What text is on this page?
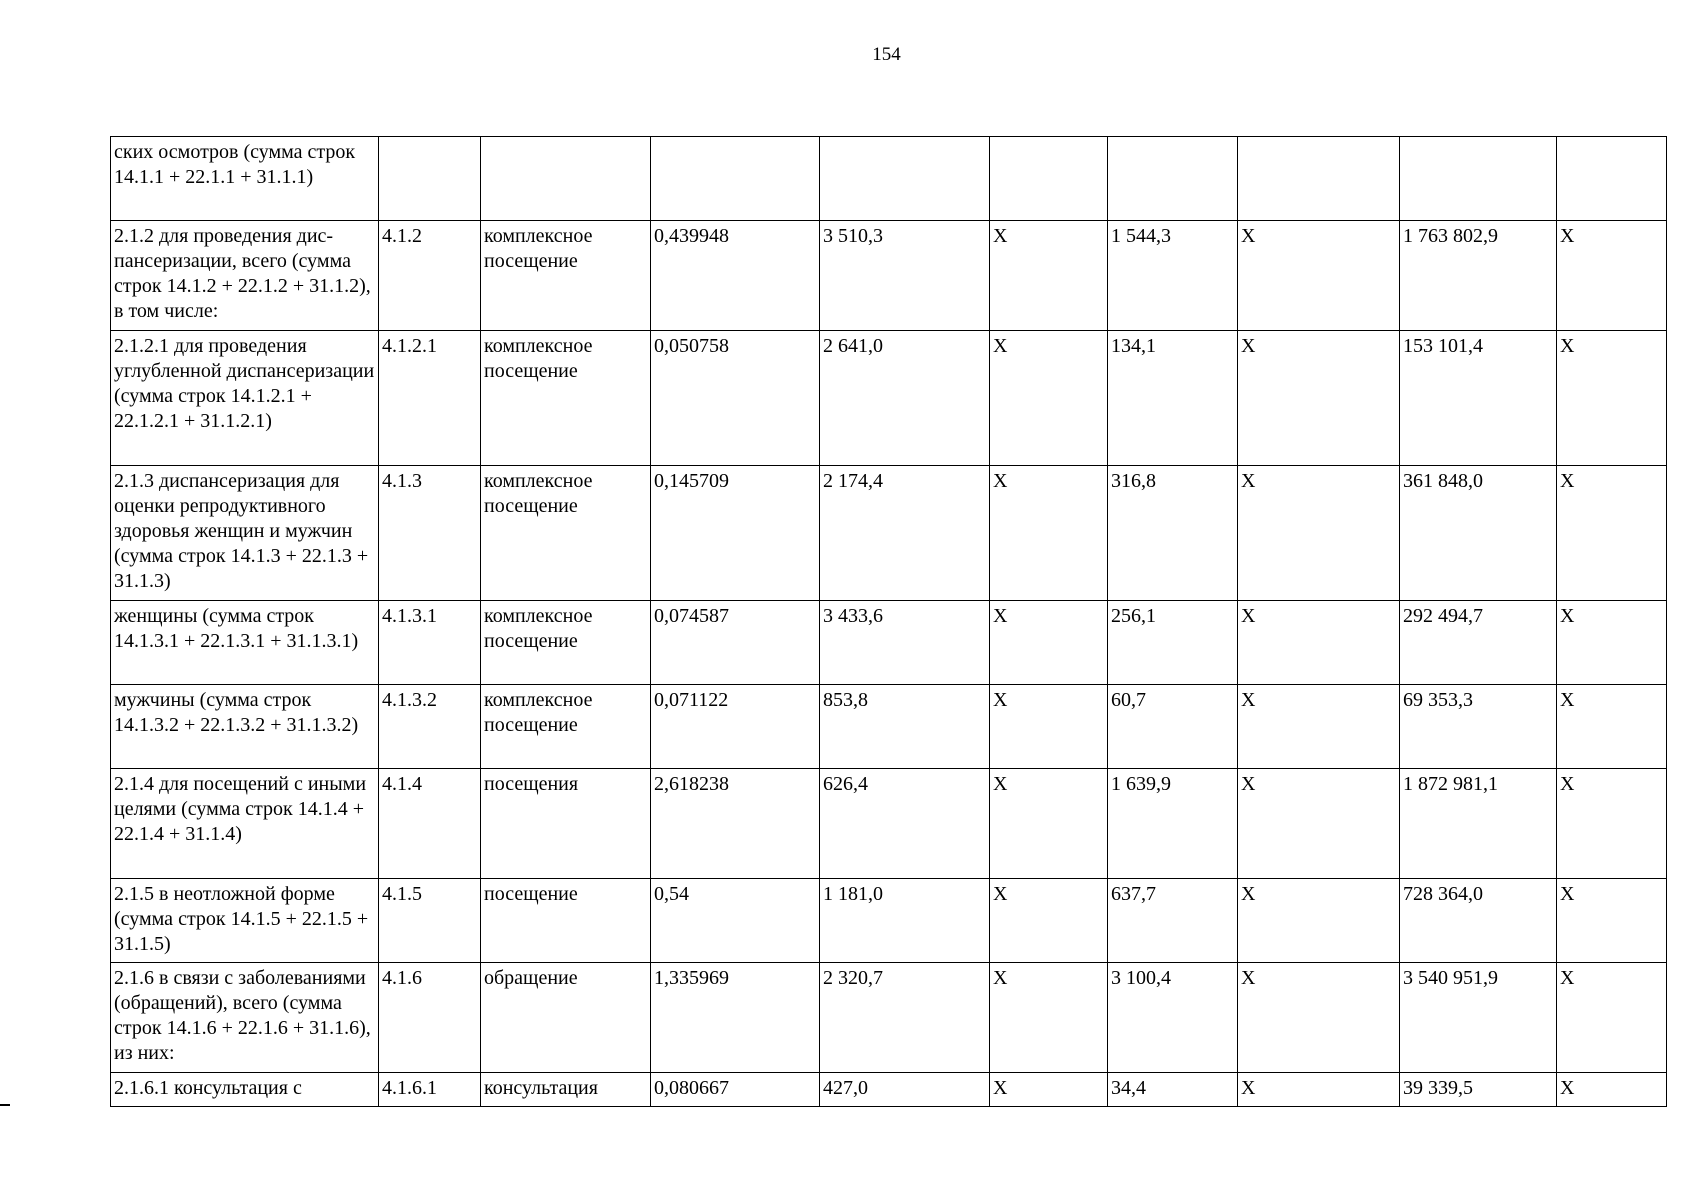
154
ских осмотров (сумма строк 14.1.1 + 22.1.1 + 31.1.1)									
2.1.2 для проведения диспансеризации, всего (сумма строк 14.1.2 + 22.1.2 + 31.1.2), в том числе:	4.1.2	комплексное посещение	0,439948	3 510,3	Х	1 544,3	Х	1 763 802,9	Х
2.1.2.1 для проведения углубленной диспансеризации (сумма строк 14.1.2.1 + 22.1.2.1 + 31.1.2.1)	4.1.2.1	комплексное посещение	0,050758	2 641,0	Х	134,1	Х	153 101,4	Х
2.1.3 диспансеризация для оценки репродуктивного здоровья женщин и мужчин (сумма строк 14.1.3 + 22.1.3 + 31.1.3)	4.1.3	комплексное посещение	0,145709	2 174,4	Х	316,8	Х	361 848,0	Х
женщины (сумма строк 14.1.3.1 + 22.1.3.1 + 31.1.3.1)	4.1.3.1	комплексное посещение	0,074587	3 433,6	Х	256,1	Х	292 494,7	Х
мужчины (сумма строк 14.1.3.2 + 22.1.3.2 + 31.1.3.2)	4.1.3.2	комплексное посещение	0,071122	853,8	Х	60,7	Х	69 353,3	Х
2.1.4 для посещений с иными целями (сумма строк 14.1.4 + 22.1.4 + 31.1.4)	4.1.4	посещения	2,618238	626,4	Х	1 639,9	Х	1 872 981,1	Х
2.1.5 в неотложной форме (сумма строк 14.1.5 + 22.1.5 + 31.1.5)	4.1.5	посещение	0,54	1 181,0	Х	637,7	Х	728 364,0	Х
2.1.6 в связи с заболеваниями (обращений), всего (сумма строк 14.1.6 + 22.1.6 + 31.1.6), из них:	4.1.6	обращение	1,335969	2 320,7	Х	3 100,4	Х	3 540 951,9	Х
2.1.6.1 консультация с	4.1.6.1	консультация	0,080667	427,0	Х	34,4	Х	39 339,5	Х
